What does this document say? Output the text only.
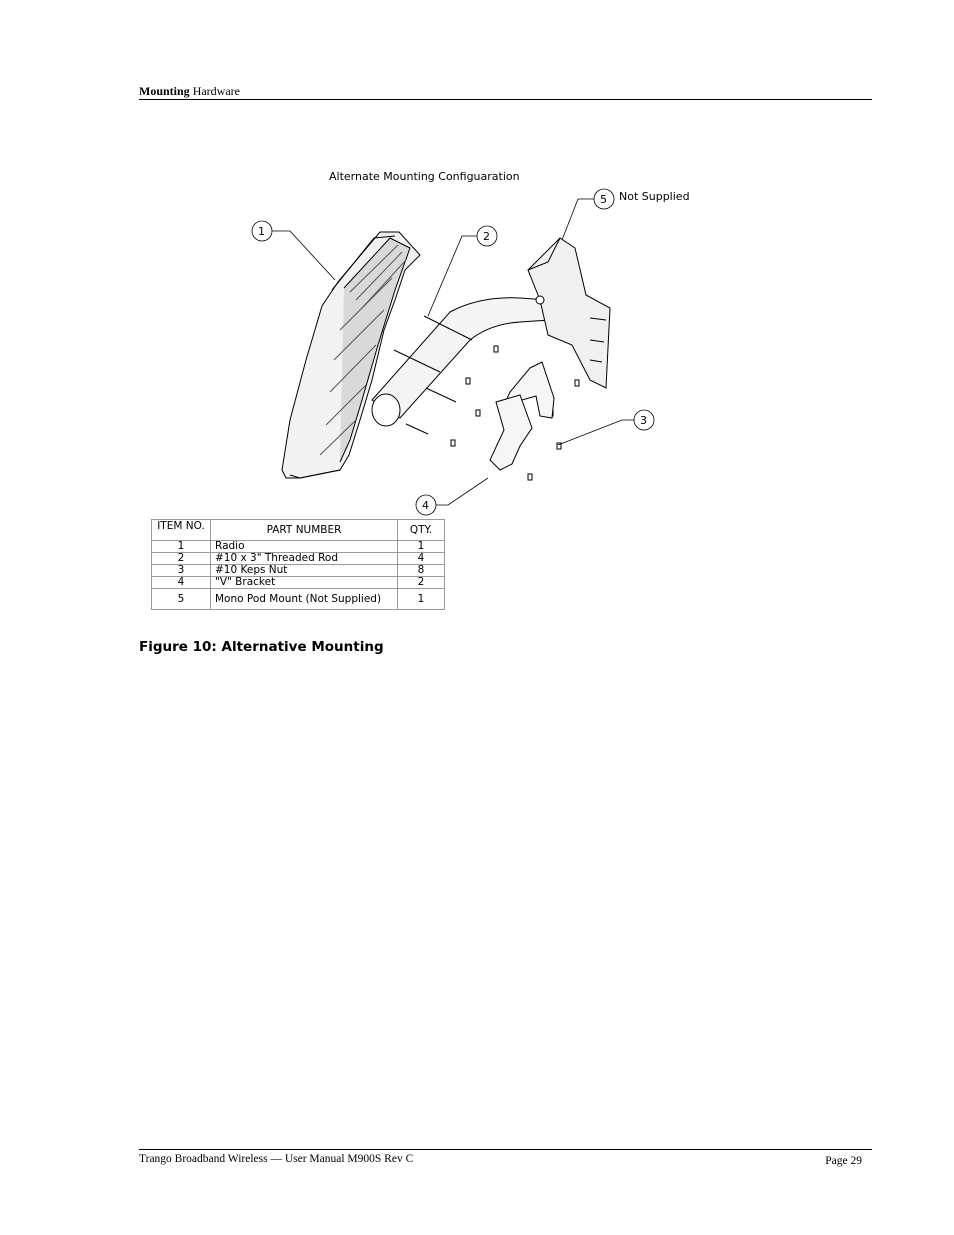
Mounting Hardware
Alternate Mounting Configuaration
1	2
3
4
5 Not Supplied
ITEM NO.	PART NUMBER	QTY.
1	Radio	1
2	#10 x 3" Threaded Rod	4
3	#10 Keps Nut	8
4	"V" Bracket	2
5	Mono Pod Mount (Not Supplied)	1
Figure 10: Alternative Mounting
Trango Broadband Wireless — User Manual M900S Rev C	Page 29
